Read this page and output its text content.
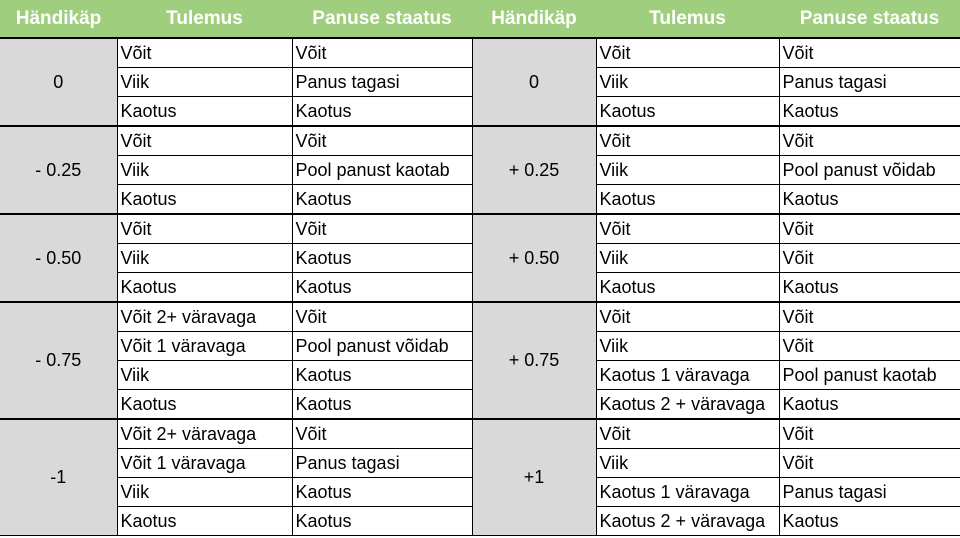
Händikäp	Tulemus	Panuse staatus	Händikäp	Tulemus	Panuse staatus
0	Võit	Võit	0	Võit	Võit
	Viik	Panus tagasi		Viik	Panus tagasi
	Kaotus	Kaotus		Kaotus	Kaotus
- 0.25	Võit	Võit	+ 0.25	Võit	Võit
	Viik	Pool panust kaotab		Viik	Pool panust võidab
	Kaotus	Kaotus		Kaotus	Kaotus
- 0.50	Võit	Võit	+ 0.50	Võit	Võit
	Viik	Kaotus		Viik	Võit
	Kaotus	Kaotus		Kaotus	Kaotus
- 0.75	Võit 2+ väravaga	Võit	+ 0.75	Võit	Võit
	Võit 1 väravaga	Pool panust võidab		Viik	Võit
	Viik	Kaotus		Kaotus 1 väravaga	Pool panust kaotab
	Kaotus	Kaotus		Kaotus 2 + väravaga	Kaotus
-1	Võit 2+ väravaga	Võit	+1	Võit	Võit
	Võit 1 väravaga	Panus tagasi		Viik	Võit
	Viik	Kaotus		Kaotus 1 väravaga	Panus tagasi
	Kaotus	Kaotus		Kaotus 2 + väravaga	Kaotus
